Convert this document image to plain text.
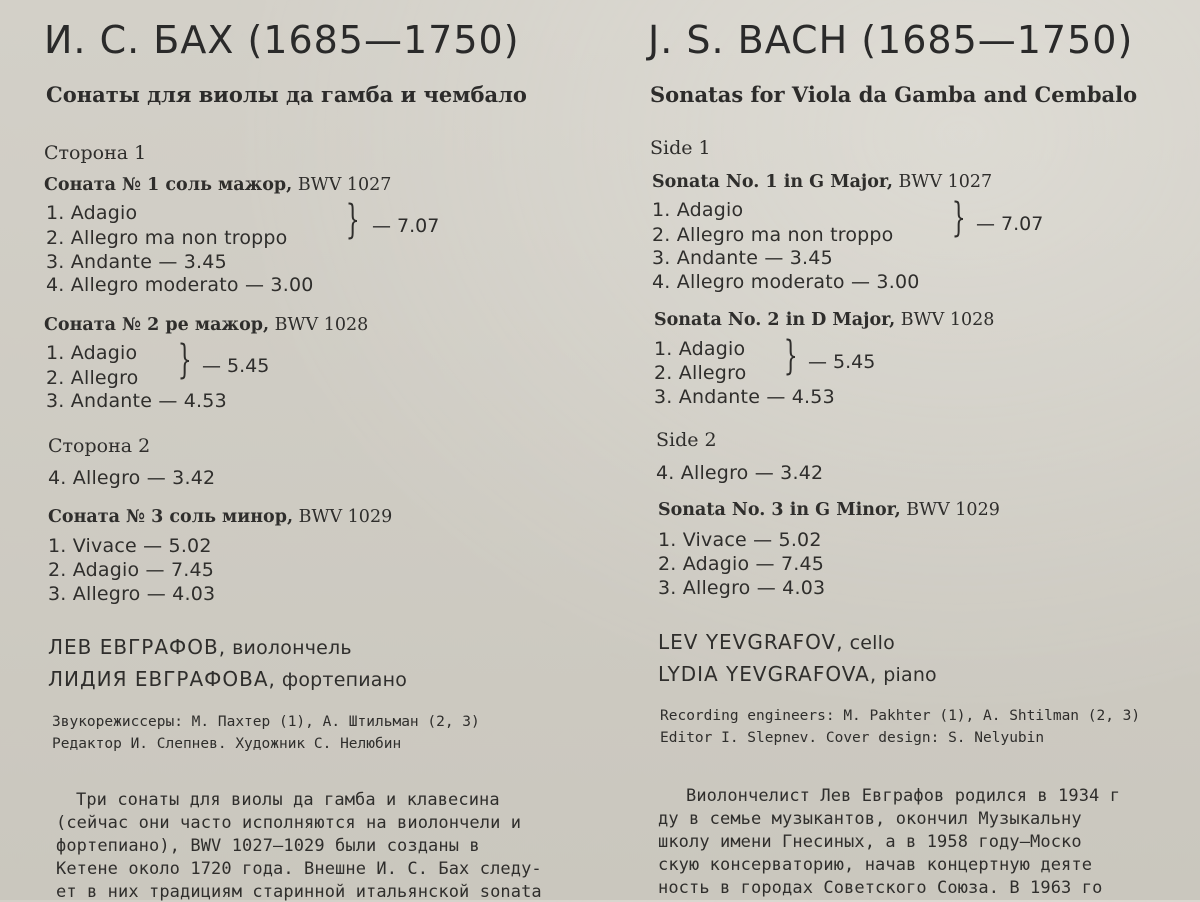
И. С. БАХ (1685—1750)
Сонаты для виолы да гамба и чембало
Сторона 1
Соната № 1 соль мажор, BWV 1027
1. Adagio
2. Allegro ma non troppo } — 7.07
3. Andante — 3.45
4. Allegro moderato — 3.00
Соната № 2 ре мажор, BWV 1028
1. Adagio
2. Allegro } — 5.45
3. Andante — 4.53
Сторона 2
4. Allegro — 3.42
Соната № 3 соль минор, BWV 1029
1. Vivace — 5.02
2. Adagio — 7.45
3. Allegro — 4.03
ЛЕВ ЕВГРАФОВ, виолончель
ЛИДИЯ ЕВГРАФОВА, фортепиано
Звукорежиссеры: М. Пахтер (1), А. Штильман (2, 3)
Редактор И. Слепнев. Художник С. Нелюбин
Три сонаты для виолы да гамба и клавесина
(сейчас они часто исполняются на виолончели и
фортепиано), BWV 1027—1029 были созданы в
Кетене около 1720 года. Внешне И. С. Бах следу-
ет в них традициям старинной итальянской sonata
J. S. BACH (1685—1750)
Sonatas for Viola da Gamba and Cembalo
Side 1
Sonata No. 1 in G Major, BWV 1027
1. Adagio
2. Allegro ma non troppo } — 7.07
3. Andante — 3.45
4. Allegro moderato — 3.00
Sonata No. 2 in D Major, BWV 1028
1. Adagio
2. Allegro } — 5.45
3. Andante — 4.53
Side 2
4. Allegro — 3.42
Sonata No. 3 in G Minor, BWV 1029
1. Vivace — 5.02
2. Adagio — 7.45
3. Allegro — 4.03
LEV YEVGRAFOV, cello
LYDIA YEVGRAFOVA, piano
Recording engineers: M. Pakhter (1), A. Shtilman (2, 3)
Editor I. Slepnev. Cover design: S. Nelyubin
Виолончелист Лев Евграфов родился в 1934 г
ду в семье музыкантов, окончил Музыкальну
школу имени Гнесиных, а в 1958 году—Моско
скую консерваторию, начав концертную деяте
ность в городах Советского Союза. В 1963 го
